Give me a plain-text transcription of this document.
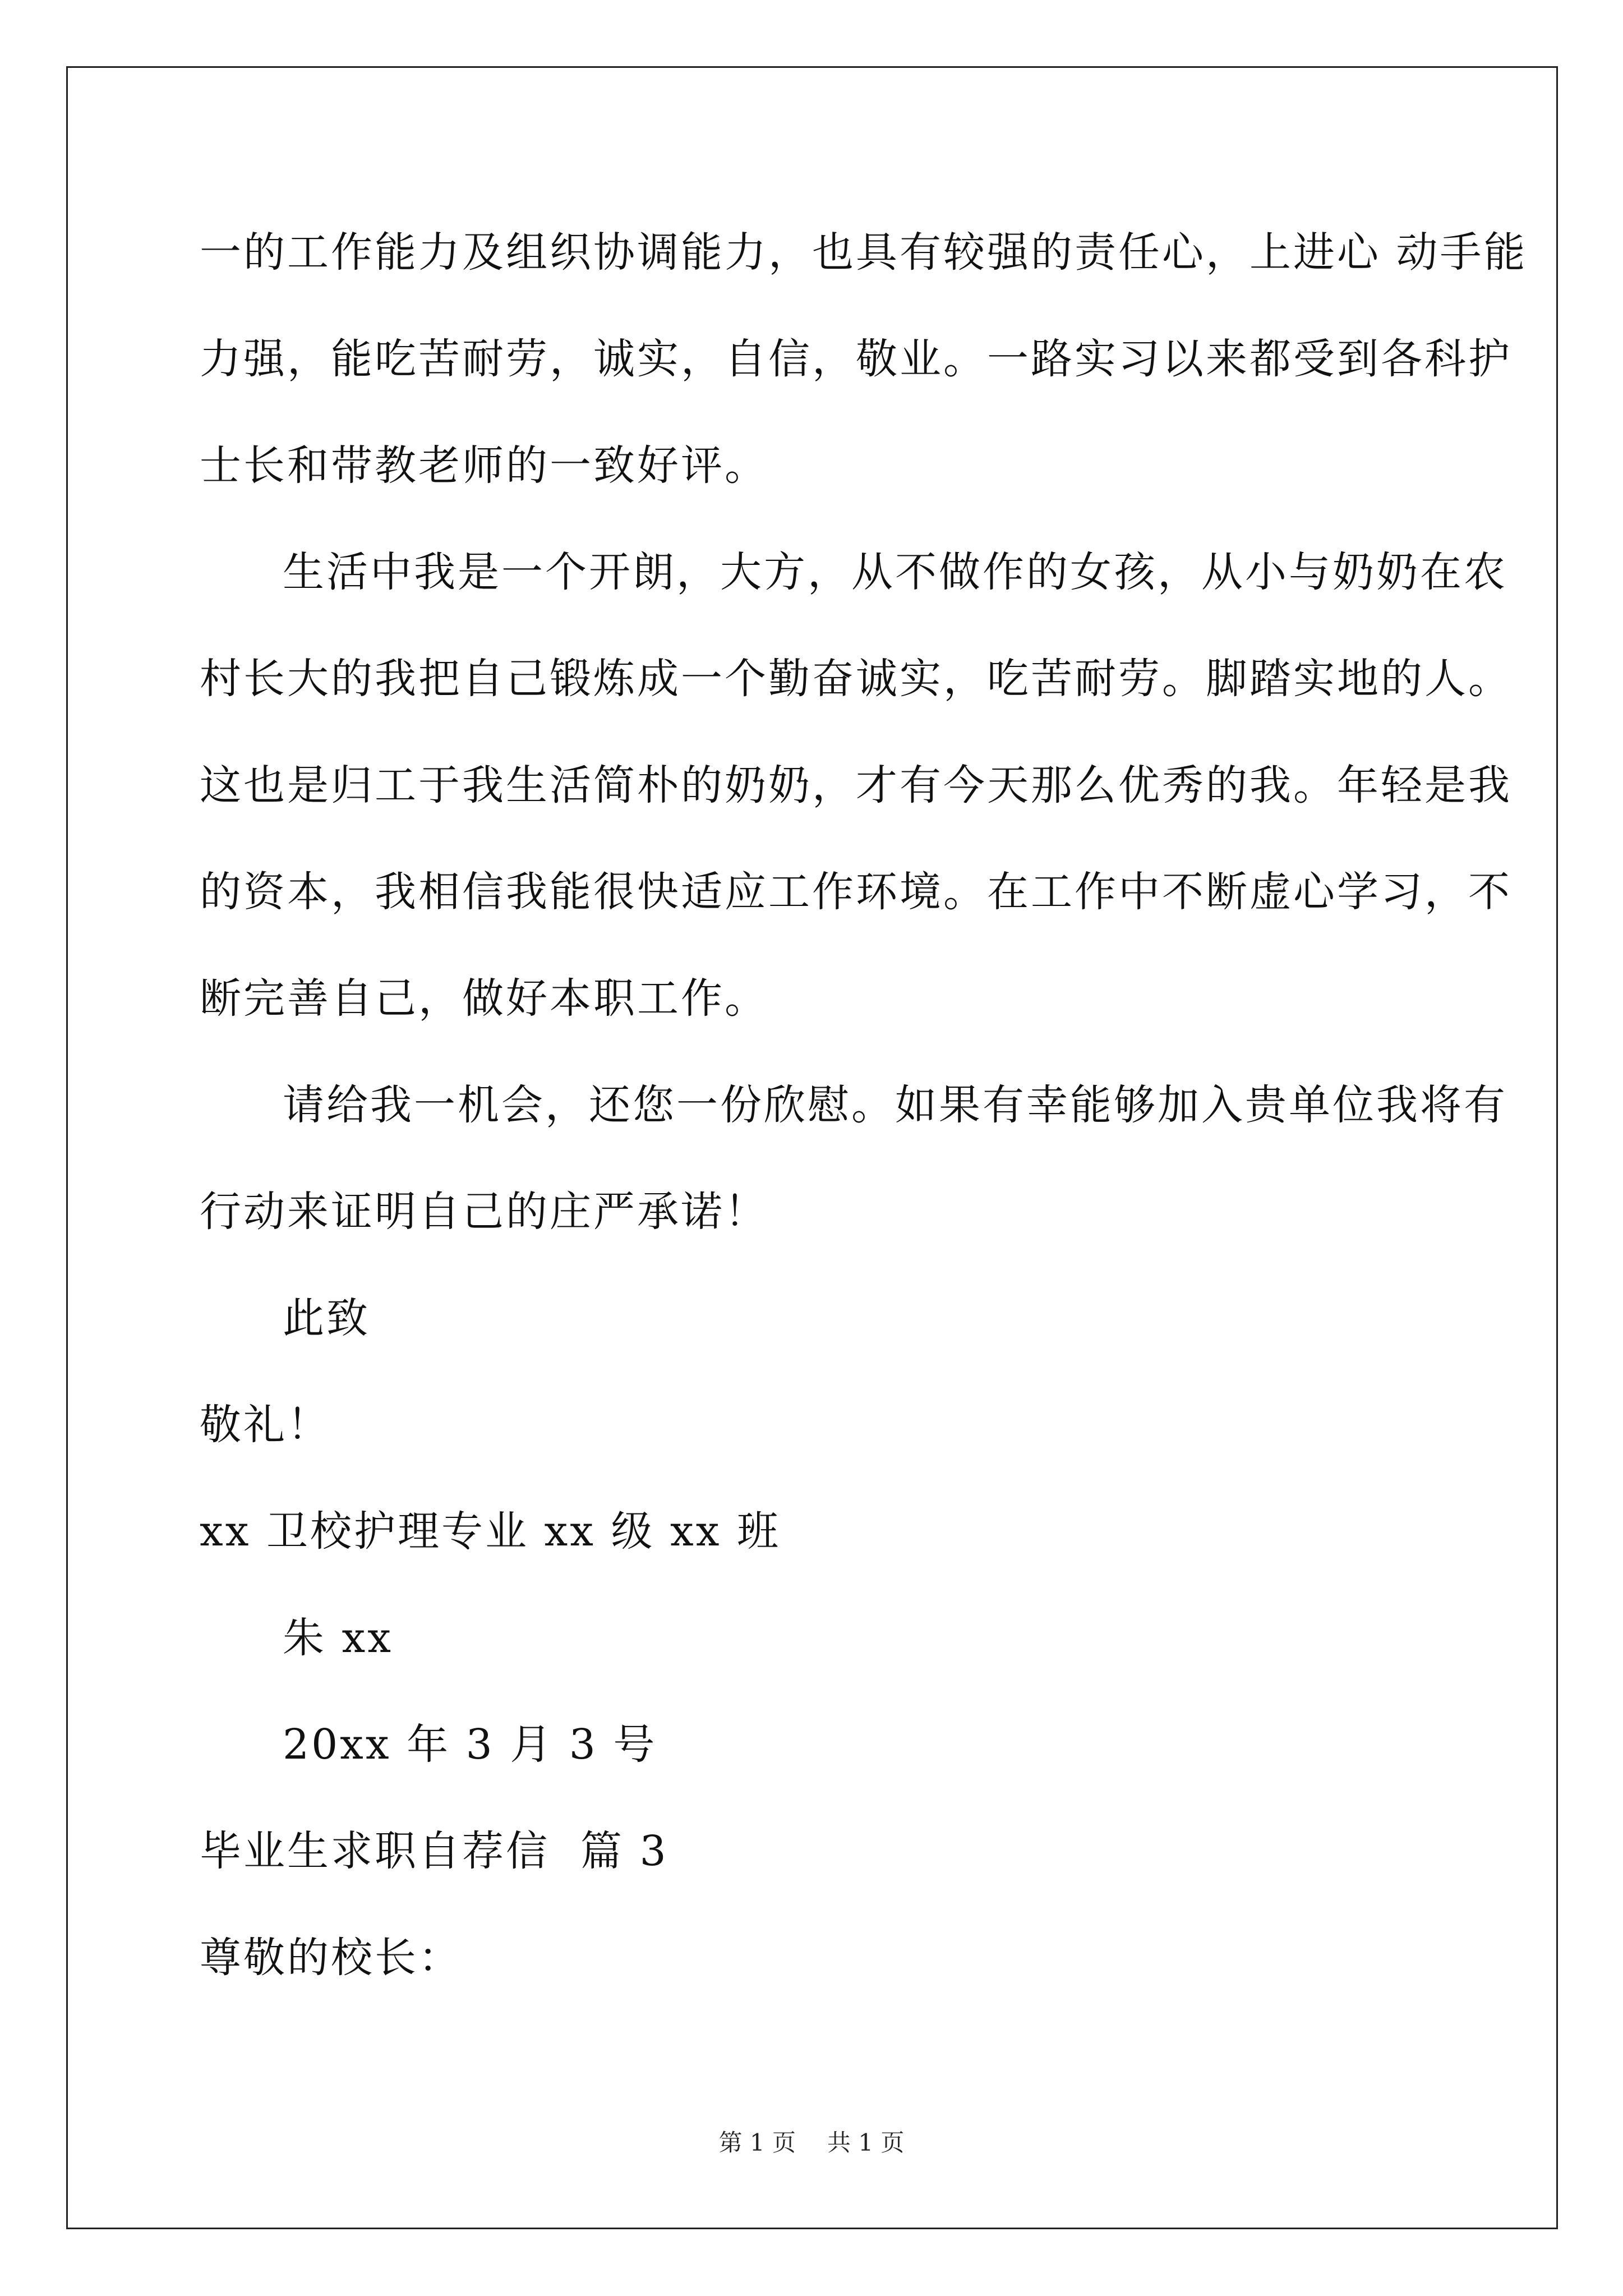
一的工作能力及组织协调能力，也具有较强的责任心，上进心 动手能
力强，能吃苦耐劳，诚实，自信，敬业。一路实习以来都受到各科护
士长和带教老师的一致好评。
生活中我是一个开朗，大方，从不做作的女孩，从小与奶奶在农
村长大的我把自己锻炼成一个勤奋诚实，吃苦耐劳。脚踏实地的人。
这也是归工于我生活简朴的奶奶，才有今天那么优秀的我。年轻是我
的资本，我相信我能很快适应工作环境。在工作中不断虚心学习，不
断完善自己，做好本职工作。
请给我一机会，还您一份欣慰。如果有幸能够加入贵单位我将有
行动来证明自己的庄严承诺！
此致
敬礼！
xx 卫校护理专业 xx 级 xx 班
朱 xx
20xx 年 3 月 3 号
毕业生求职自荐信  篇 3
尊敬的校长：
第 1 页 共 1 页
